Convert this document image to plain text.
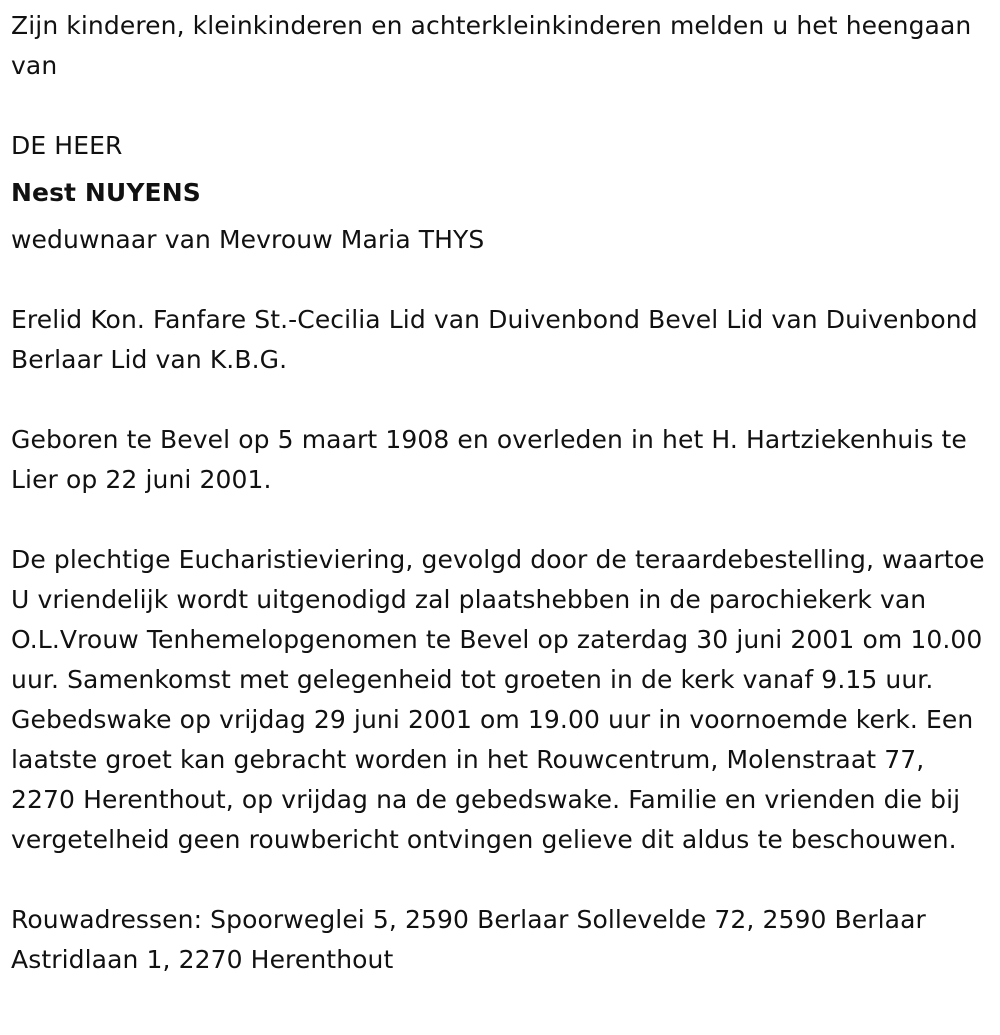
Zijn kinderen, kleinkinderen en achterkleinkinderen melden u het heengaan van

DE HEER

Nest NUYENS

weduwnaar van Mevrouw Maria THYS

Erelid Kon. Fanfare St.-Cecilia Lid van Duivenbond Bevel Lid van Duivenbond Berlaar Lid van K.B.G.

Geboren te Bevel op 5 maart 1908 en overleden in het H. Hartziekenhuis te Lier op 22 juni 2001.

De plechtige Eucharistieviering, gevolgd door de teraardebestelling, waartoe U vriendelijk wordt uitgenodigd zal plaatshebben in de parochiekerk van O.L.Vrouw Tenhemelopgenomen te Bevel op zaterdag 30 juni 2001 om 10.00 uur. Samenkomst met gelegenheid tot groeten in de kerk vanaf 9.15 uur. Gebedswake op vrijdag 29 juni 2001 om 19.00 uur in voornoemde kerk. Een laatste groet kan gebracht worden in het Rouwcentrum, Molenstraat 77, 2270 Herenthout, op vrijdag na de gebedswake. Familie en vrienden die bij vergetelheid geen rouwbericht ontvingen gelieve dit aldus te beschouwen.

Rouwadressen: Spoorweglei 5, 2590 Berlaar Sollevelde 72, 2590 Berlaar Astridlaan 1, 2270 Herenthout
